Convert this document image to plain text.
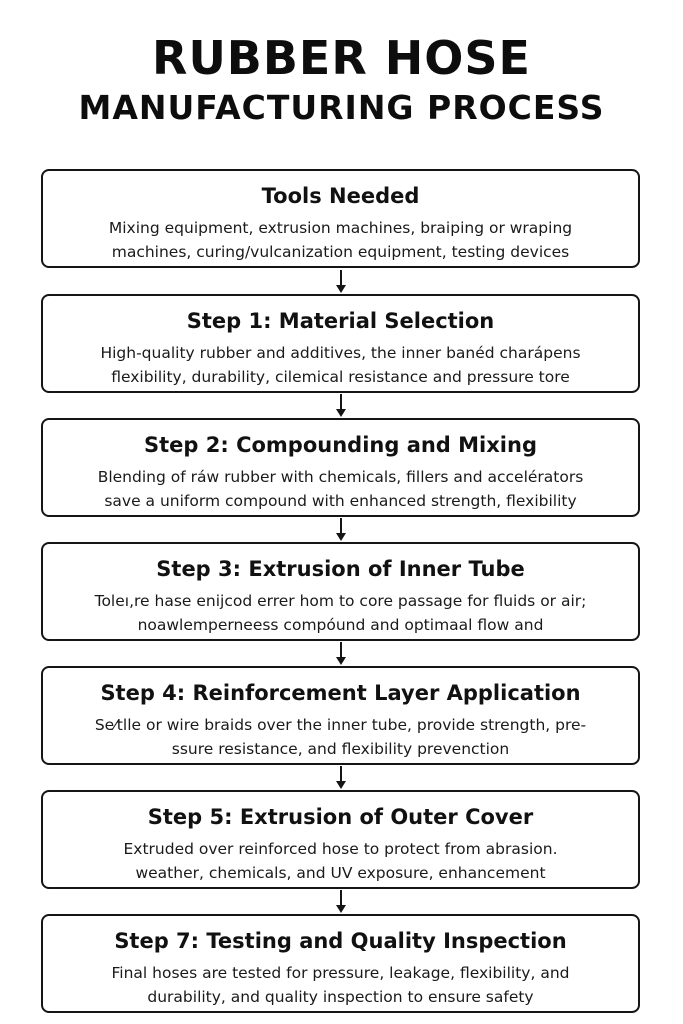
RUBBER HOSE
MANUFACTURING PROCESS
Tools Needed
Mixing equipment, extrusion machines, braiping or wraping
machines, curing/vulcanization equipment, testing devices
Step 1: Material Selection
High-quality rubber and additives, the inner banéd charápens
flexibility, durability, cilemical resistance and pressure tore
Step 2: Compounding and Mixing
Blending of ráw rubber with chemicals, fillers and accelérators
save a uniform compound with enhanced strength, flexibility
Step 3: Extrusion of Inner Tube
Toleı,re hase enijcod errer hom to core passage for fluids or air;
noawlemperneess compóund and optimaal flow and
Step 4: Reinforcement Layer Application
Se⁄tlle or wire braids over the inner tube, provide strength, pre-
ssure resistance, and flexibility prevenction
Step 5: Extrusion of Outer Cover
Extruded over reinforced hose to protect from abrasion.
weather, chemicals, and UV exposure, enhancement
Step 7: Testing and Quality Inspection
Final hoses are tested for pressure, leakage, flexibility, and
durability, and quality inspection to ensure safety
